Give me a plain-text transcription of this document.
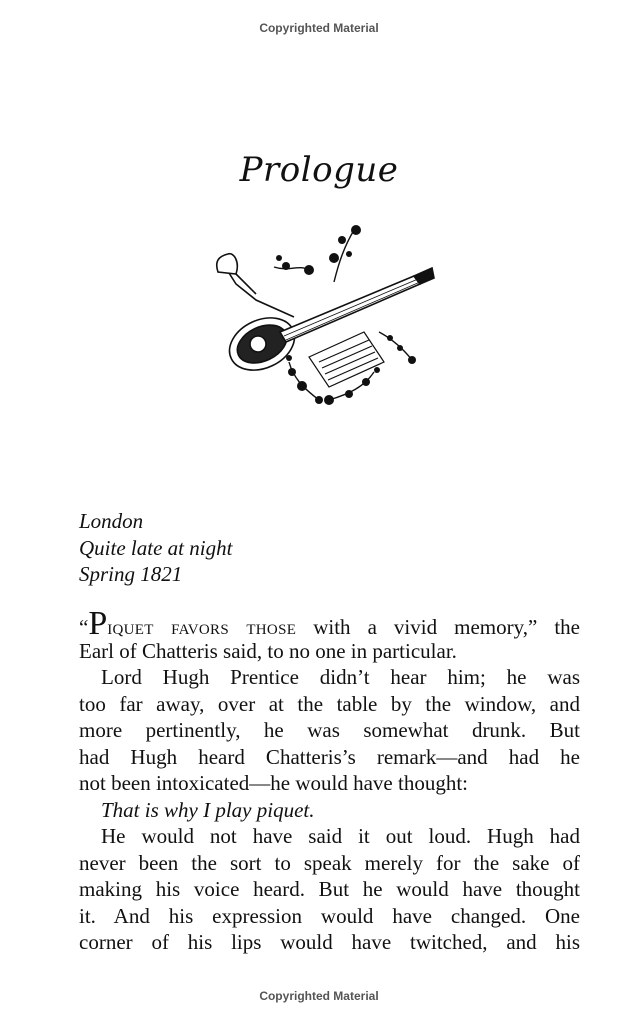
Copyrighted Material
Prologue
London
Quite late at night
Spring 1821
“Piquet favors those with a vivid memory,” the
Earl of Chatteris said, to no one in particular.
Lord Hugh Prentice didn’t hear him; he was
too far away, over at the table by the window, and
more pertinently, he was somewhat drunk. But
had Hugh heard Chatteris’s remark—and had he
not been intoxicated—he would have thought:
That is why I play piquet.
He would not have said it out loud. Hugh had
never been the sort to speak merely for the sake of
making his voice heard. But he would have thought
it. And his expression would have changed. One
corner of his lips would have twitched, and his
Copyrighted Material
